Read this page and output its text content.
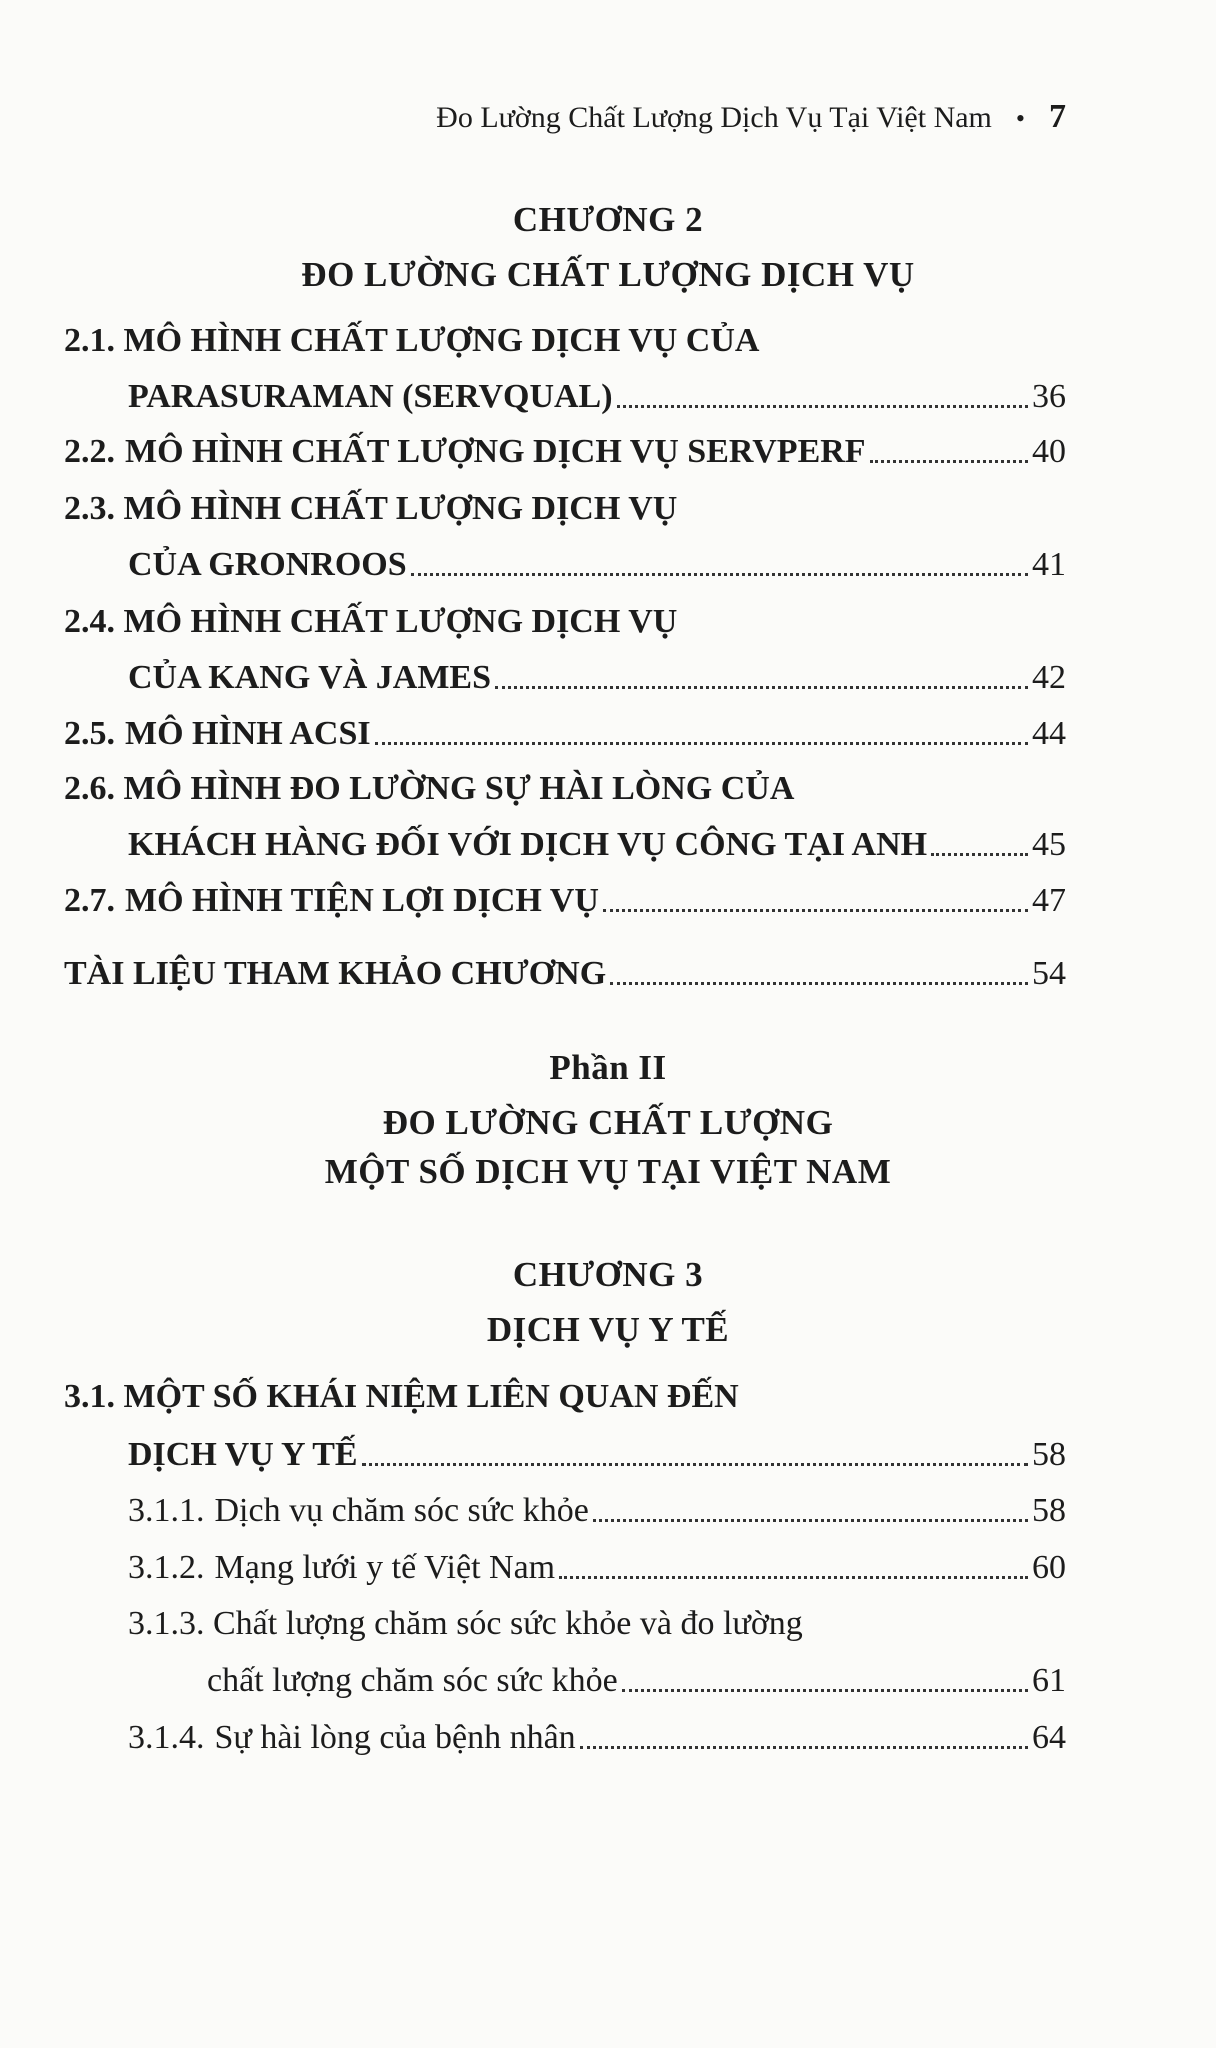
Đo Lường Chất Lượng Dịch Vụ Tại Việt Nam • 7
CHƯƠNG 2
ĐO LƯỜNG CHẤT LƯỢNG DỊCH VỤ
2.1. MÔ HÌNH CHẤT LƯỢNG DỊCH VỤ CỦA
PARASURAMAN (SERVQUAL)	36
2.2. MÔ HÌNH CHẤT LƯỢNG DỊCH VỤ SERVPERF	40
2.3. MÔ HÌNH CHẤT LƯỢNG DỊCH VỤ
CỦA GRONROOS	41
2.4. MÔ HÌNH CHẤT LƯỢNG DỊCH VỤ
CỦA KANG VÀ JAMES	42
2.5. MÔ HÌNH ACSI	44
2.6. MÔ HÌNH ĐO LƯỜNG SỰ HÀI LÒNG CỦA
KHÁCH HÀNG ĐỐI VỚI DỊCH VỤ CÔNG TẠI ANH	45
2.7. MÔ HÌNH TIỆN LỢI DỊCH VỤ	47
TÀI LIỆU THAM KHẢO CHƯƠNG	54
Phần II
ĐO LƯỜNG CHẤT LƯỢNG
MỘT SỐ DỊCH VỤ TẠI VIỆT NAM
CHƯƠNG 3
DỊCH VỤ Y TẾ
3.1. MỘT SỐ KHÁI NIỆM LIÊN QUAN ĐẾN
DỊCH VỤ Y TẾ	58
3.1.1. Dịch vụ chăm sóc sức khỏe	58
3.1.2. Mạng lưới y tế Việt Nam	60
3.1.3. Chất lượng chăm sóc sức khỏe và đo lường
chất lượng chăm sóc sức khỏe	61
3.1.4. Sự hài lòng của bệnh nhân	64
